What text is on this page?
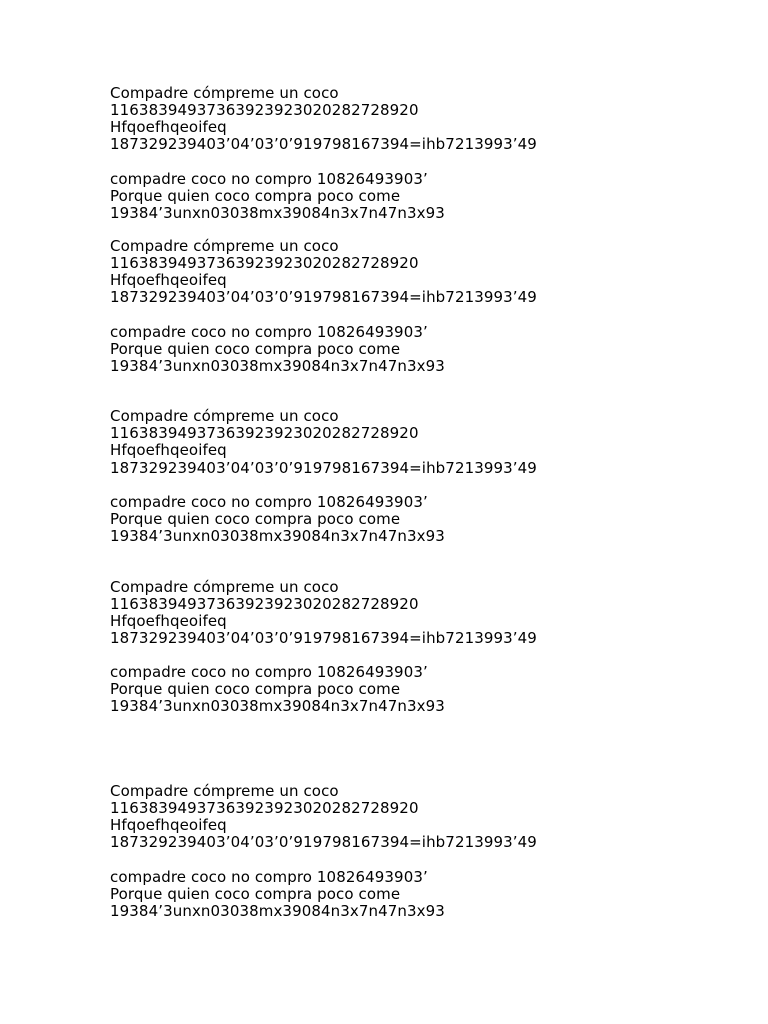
Compadre cómpreme un coco
1163839493736392392302028272892​0
Hfqoefhqeoifeq
187329239403’04’03’0’919798167394=ihb7213993’49
compadre coco no compro 10826493903’
Porque quien coco compra poco come
19384’3unxn03038mx39084n3x7n47n3x93
Compadre cómpreme un coco
11638394937363923923020282728920
Hfqoefhqeoifeq
187329239403’04’03’0’919798167394=ihb7213993’49
compadre coco no compro 10826493903’
Porque quien coco compra poco come
19384’3unxn03038mx39084n3x7n47n3x93
Compadre cómpreme un coco
11638394937363923923020282728920
Hfqoefhqeoifeq
187329239403’04’03’0’919798167394=ihb7213993’49
compadre coco no compro 10826493903’
Porque quien coco compra poco come
19384’3unxn03038mx39084n3x7n47n3x93
Compadre cómpreme un coco
11638394937363923923020282728920
Hfqoefhqeoifeq
187329239403’04’03’0’919798167394=ihb7213993’49
compadre coco no compro 10826493903’
Porque quien coco compra poco come
19384’3unxn03038mx39084n3x7n47n3x93
Compadre cómpreme un coco
11638394937363923923020282728920
Hfqoefhqeoifeq
187329239403’04’03’0’919798167394=ihb7213993’49
compadre coco no compro 10826493903’
Porque quien coco compra poco come
19384’3unxn03038mx39084n3x7n47n3x93
